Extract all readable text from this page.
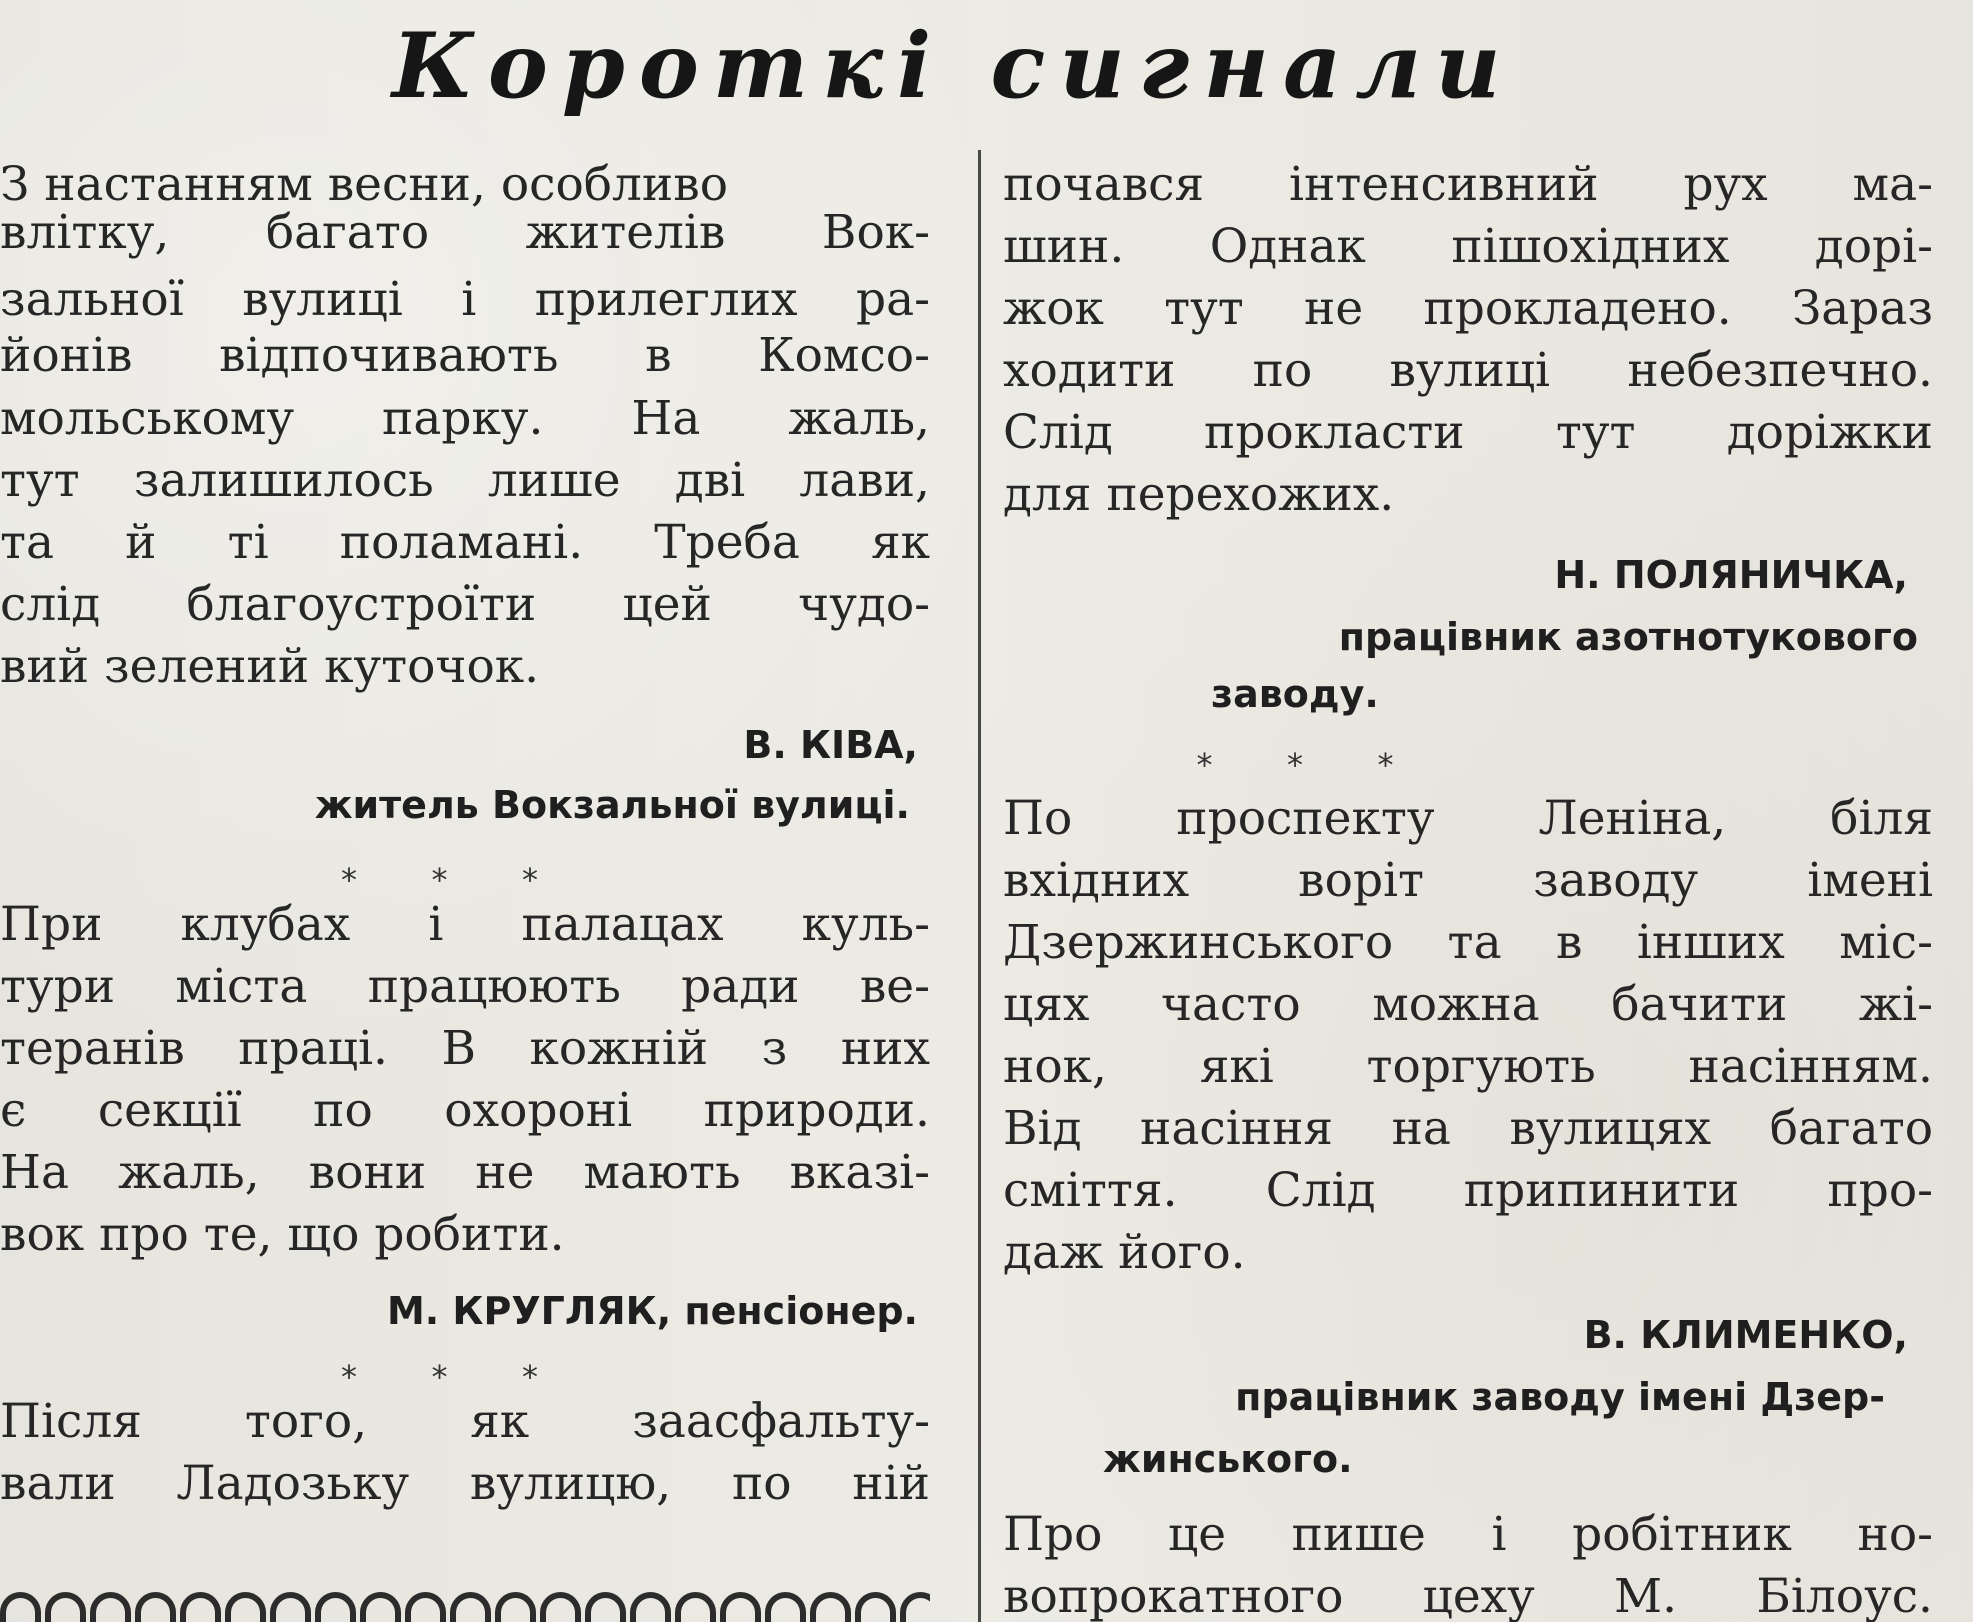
Короткі сигнали
З настанням весни, особливо
влітку, багато жителів Вок-
зальної вулиці і прилеглих ра-
йонів відпочивають в Комсо-
мольському парку. На жаль,
тут залишилось лише дві лави,
та й ті поламані. Треба як
слід благоустроїти цей чудо-
вий зелений куточок.
В. КІВА,
житель Вокзальної вулиці.
* * *
При клубах і палацах куль-
тури міста працюють ради ве-
теранів праці. В кожній з них
є секції по охороні природи.
На жаль, вони не мають вказі-
вок про те, що робити.
М. КРУГЛЯК, пенсіонер.
* * *
Після того, як заасфальту-
вали Ладозьку вулицю, по ній
почався інтенсивний рух ма-
шин. Однак пішохідних дорі-
жок тут не прокладено. Зараз
ходити по вулиці небезпечно.
Слід прокласти тут доріжки
для перехожих.
Н. ПОЛЯНИЧКА,
працівник азотнотукового
заводу.
* * *
По проспекту Леніна, біля
вхідних воріт заводу імені
Дзержинського та в інших міс-
цях часто можна бачити жі-
нок, які торгують насінням.
Від насіння на вулицях багато
сміття. Слід припинити про-
даж його.
В. КЛИМЕНКО,
працівник заводу імені Дзер-
жинського.
Про це пише і робітник но-
вопрокатного цеху М. Білоус.
